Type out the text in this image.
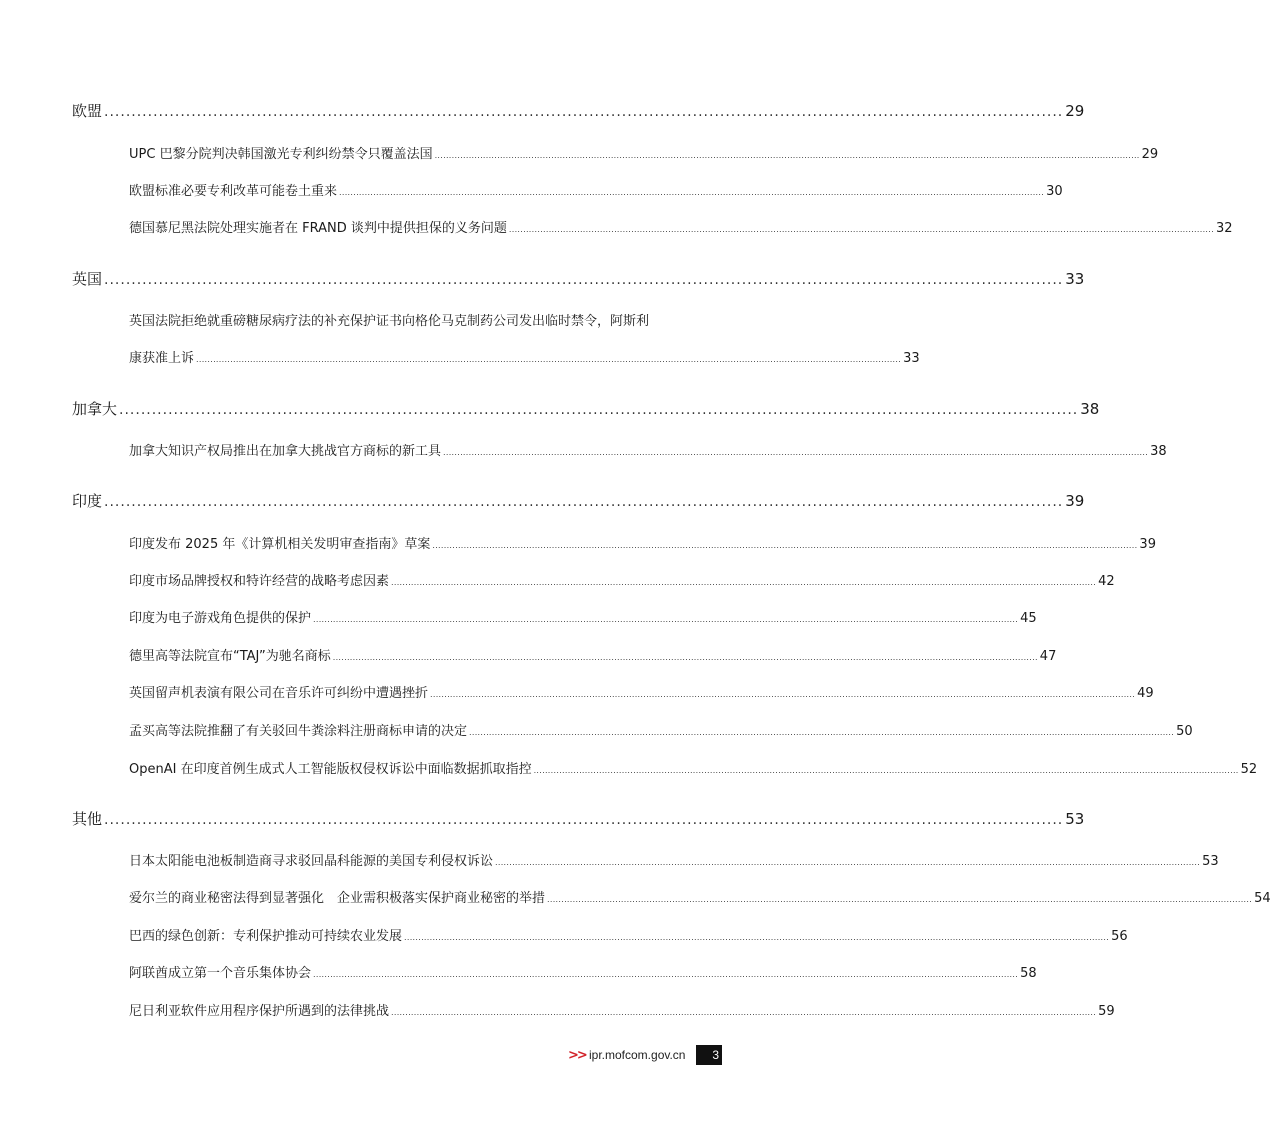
欧盟 ................................................................................................................................................................................ 29
UPC 巴黎分院判决韩国激光专利纠纷禁令只覆盖法国 ........................................................................................................................................................................................................................................................ 29
欧盟标准必要专利改革可能卷土重来 ........................................................................................................................................................................................................................................................ 30
德国慕尼黑法院处理实施者在 FRAND 谈判中提供担保的义务问题 ........................................................................................................................................................................................................................................................ 32
英国 ................................................................................................................................................................................ 33
英国法院拒绝就重磅糖尿病疗法的补充保护证书向格伦马克制药公司发出临时禁令，阿斯利
康获准上诉 ........................................................................................................................................................................................................................................................ 33
加拿大 ................................................................................................................................................................................ 38
加拿大知识产权局推出在加拿大挑战官方商标的新工具 ........................................................................................................................................................................................................................................................ 38
印度 ................................................................................................................................................................................ 39
印度发布 2025 年《计算机相关发明审查指南》草案 ........................................................................................................................................................................................................................................................ 39
印度市场品牌授权和特许经营的战略考虑因素 ........................................................................................................................................................................................................................................................ 42
印度为电子游戏角色提供的保护 ........................................................................................................................................................................................................................................................ 45
德里高等法院宣布“TAJ”为驰名商标 ........................................................................................................................................................................................................................................................ 47
英国留声机表演有限公司在音乐许可纠纷中遭遇挫折 ........................................................................................................................................................................................................................................................ 49
孟买高等法院推翻了有关驳回牛粪涂料注册商标申请的决定 ........................................................................................................................................................................................................................................................ 50
OpenAI 在印度首例生成式人工智能版权侵权诉讼中面临数据抓取指控 ........................................................................................................................................................................................................................................................ 52
其他 ................................................................................................................................................................................ 53
日本太阳能电池板制造商寻求驳回晶科能源的美国专利侵权诉讼 ........................................................................................................................................................................................................................................................ 53
爱尔兰的商业秘密法得到显著强化　企业需积极落实保护商业秘密的举措 ........................................................................................................................................................................................................................................................ 54
巴西的绿色创新：专利保护推动可持续农业发展 ........................................................................................................................................................................................................................................................ 56
阿联酋成立第一个音乐集体协会 ........................................................................................................................................................................................................................................................ 58
尼日利亚软件应用程序保护所遇到的法律挑战 ........................................................................................................................................................................................................................................................ 59
>> ipr.mofcom.gov.cn	3
